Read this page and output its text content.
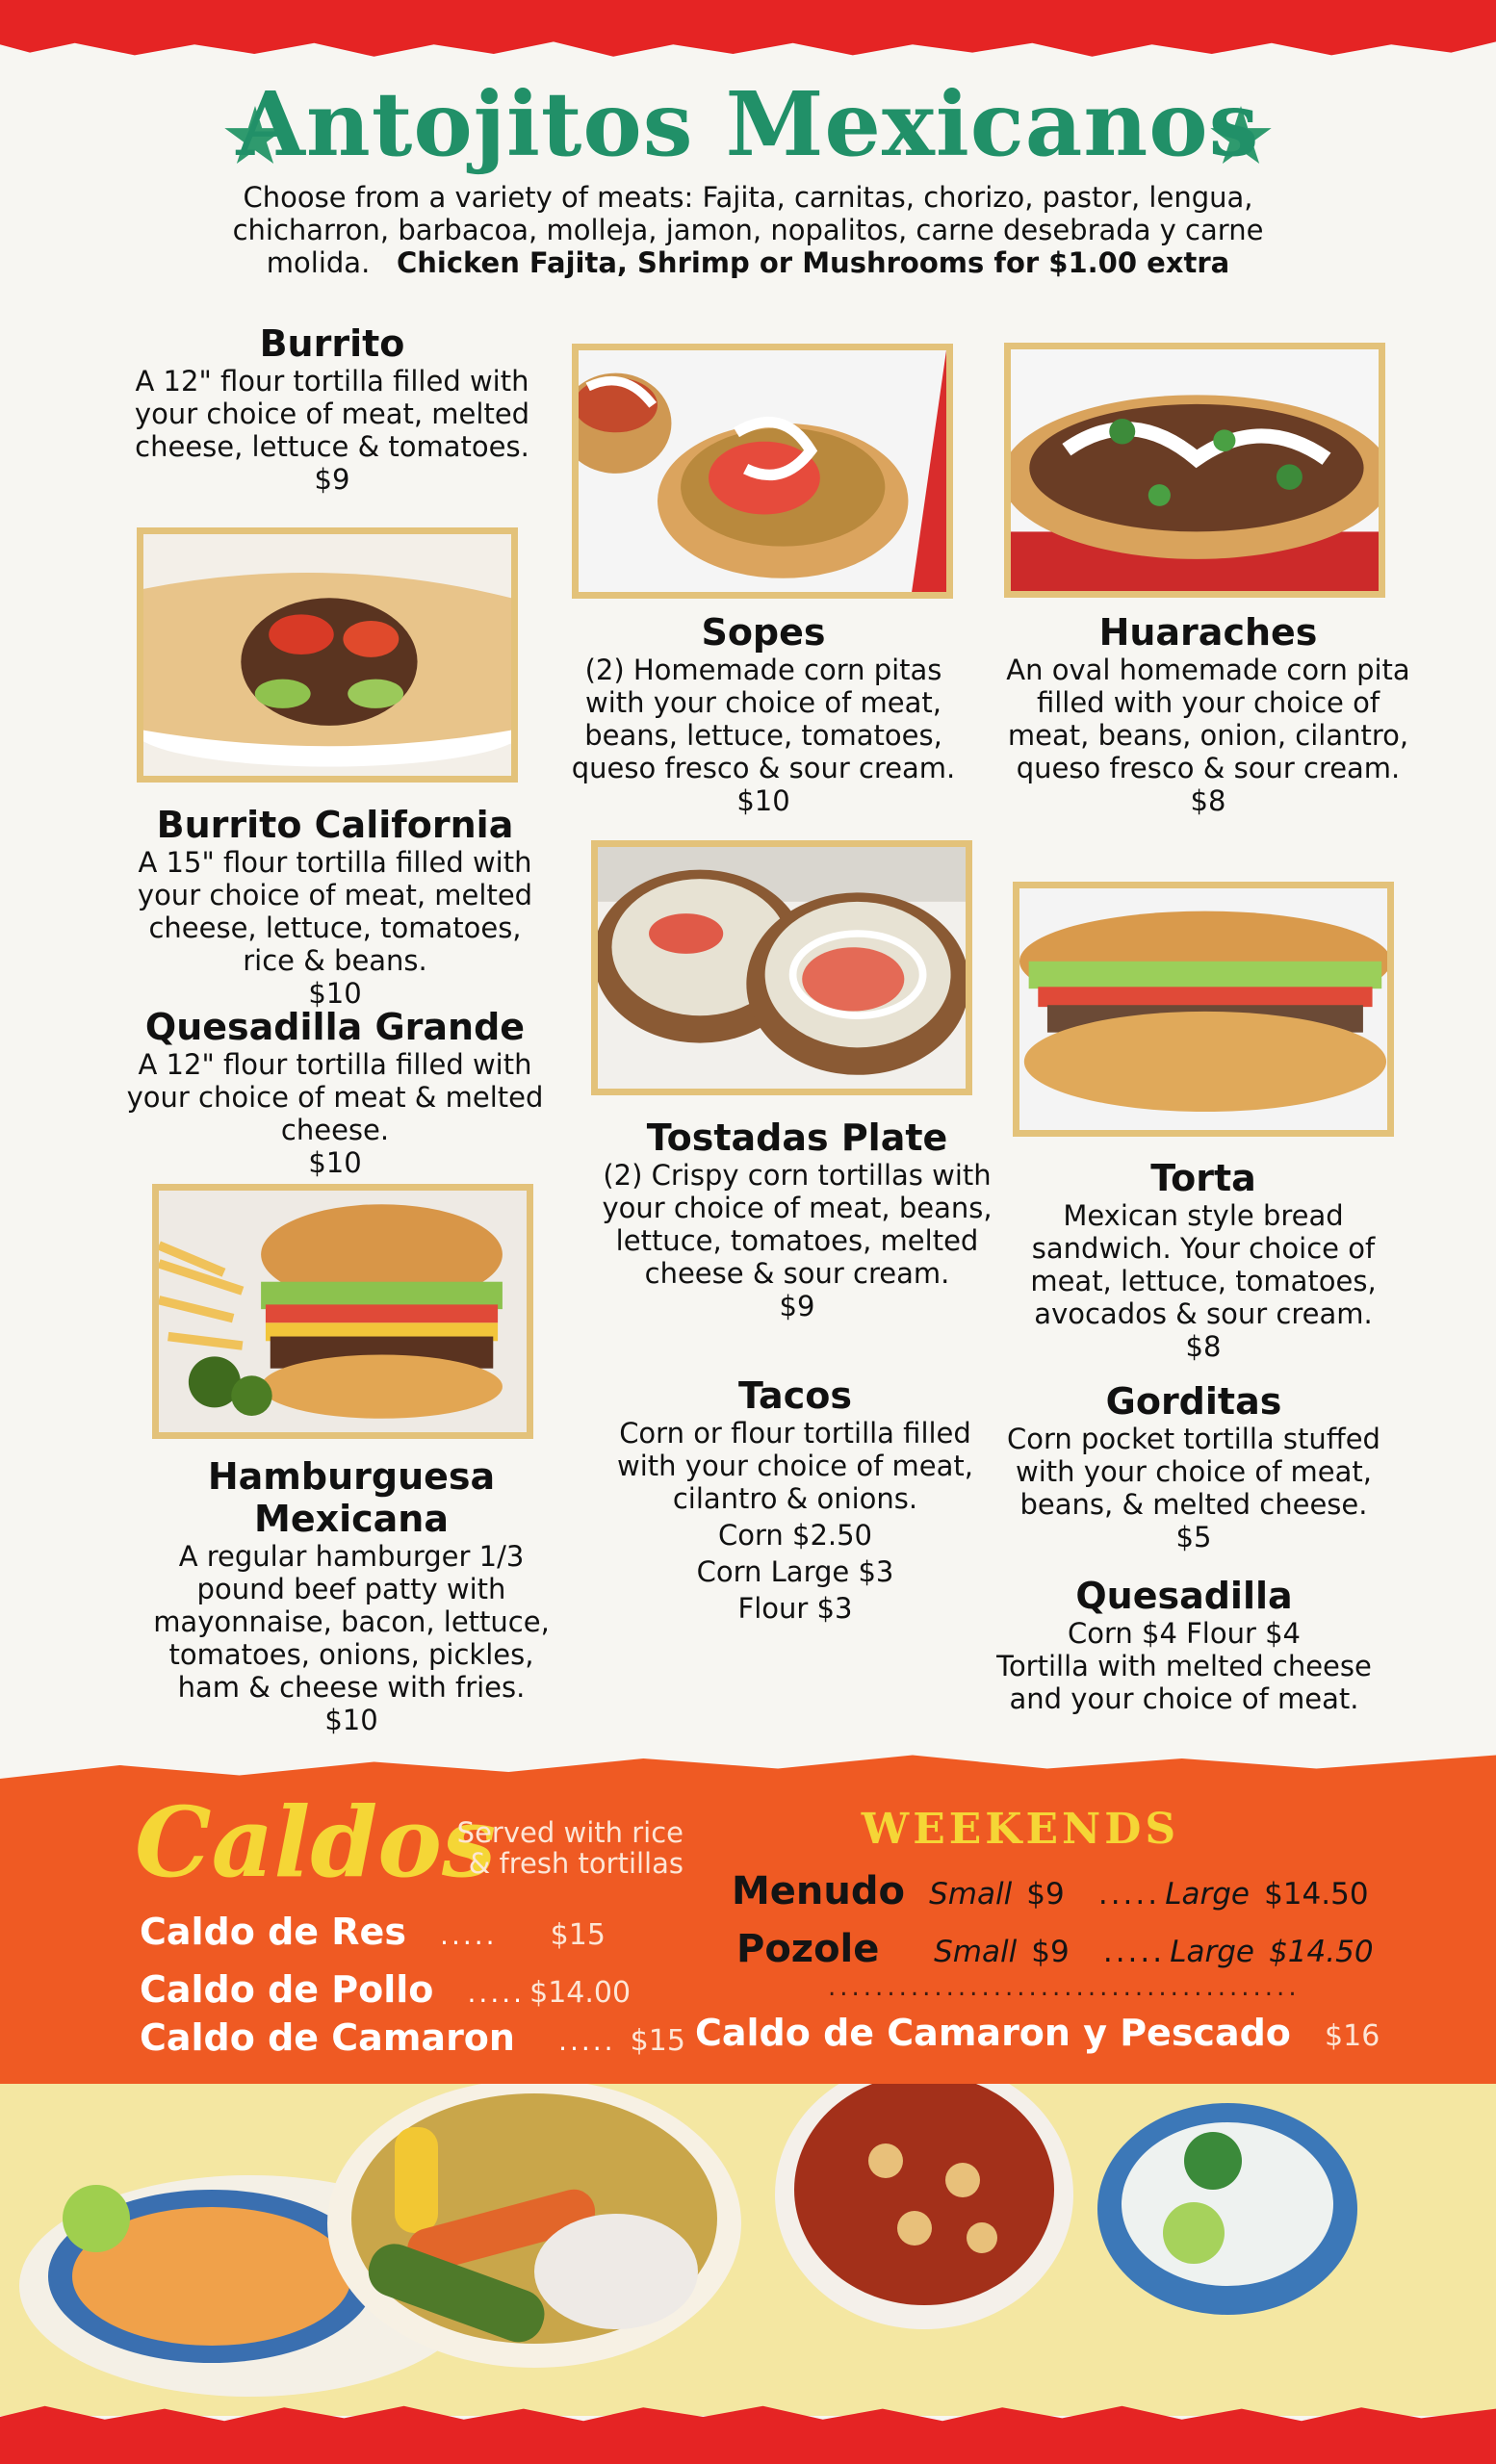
Antojitos Mexicanos
Choose from a variety of meats: Fajita, carnitas, chorizo, pastor, lengua, chicharron, barbacoa, molleja, jamon, nopalitos, carne desebrada y carne molida. Chicken Fajita, Shrimp or Mushrooms for $1.00 extra
Burrito
A 12" flour tortilla filled with your choice of meat, melted cheese, lettuce & tomatoes.
$9
Sopes
(2) Homemade corn pitas with your choice of meat, beans, lettuce, tomatoes, queso fresco & sour cream.
$10
Huaraches
An oval homemade corn pita filled with your choice of meat, beans, onion, cilantro, queso fresco & sour cream.
$8
Burrito California
A 15" flour tortilla filled with your choice of meat, melted cheese, lettuce, tomatoes, rice & beans.
$10
Quesadilla Grande
A 12" flour tortilla filled with your choice of meat & melted cheese.
$10
Tostadas Plate
(2) Crispy corn tortillas with your choice of meat, beans, lettuce, tomatoes, melted cheese & sour cream.
$9
Torta
Mexican style bread sandwich. Your choice of meat, lettuce, tomatoes, avocados & sour cream.
$8
Hamburguesa
Mexicana
A regular hamburger 1/3 pound beef patty with mayonnaise, bacon, lettuce, tomatoes, onions, pickles, ham & cheese with fries.
$10
Tacos
Corn or flour tortilla filled with your choice of meat, cilantro & onions.
Corn $2.50
Corn Large $3
Flour $3
Gorditas
Corn pocket tortilla stuffed with your choice of meat, beans, & melted cheese.
$5
Quesadilla
Corn $4 Flour $4
Tortilla with melted cheese and your choice of meat.
Caldos
Served with rice & fresh tortillas
Caldo de Res ..... $15
Caldo de Pollo ..... $14.00
Caldo de Camaron ..... $15
WEEKENDS
Menudo Small $9 ..... Large $14.50
Pozole Small $9 ..... Large $14.50
........................................
Caldo de Camaron y Pescado $16
